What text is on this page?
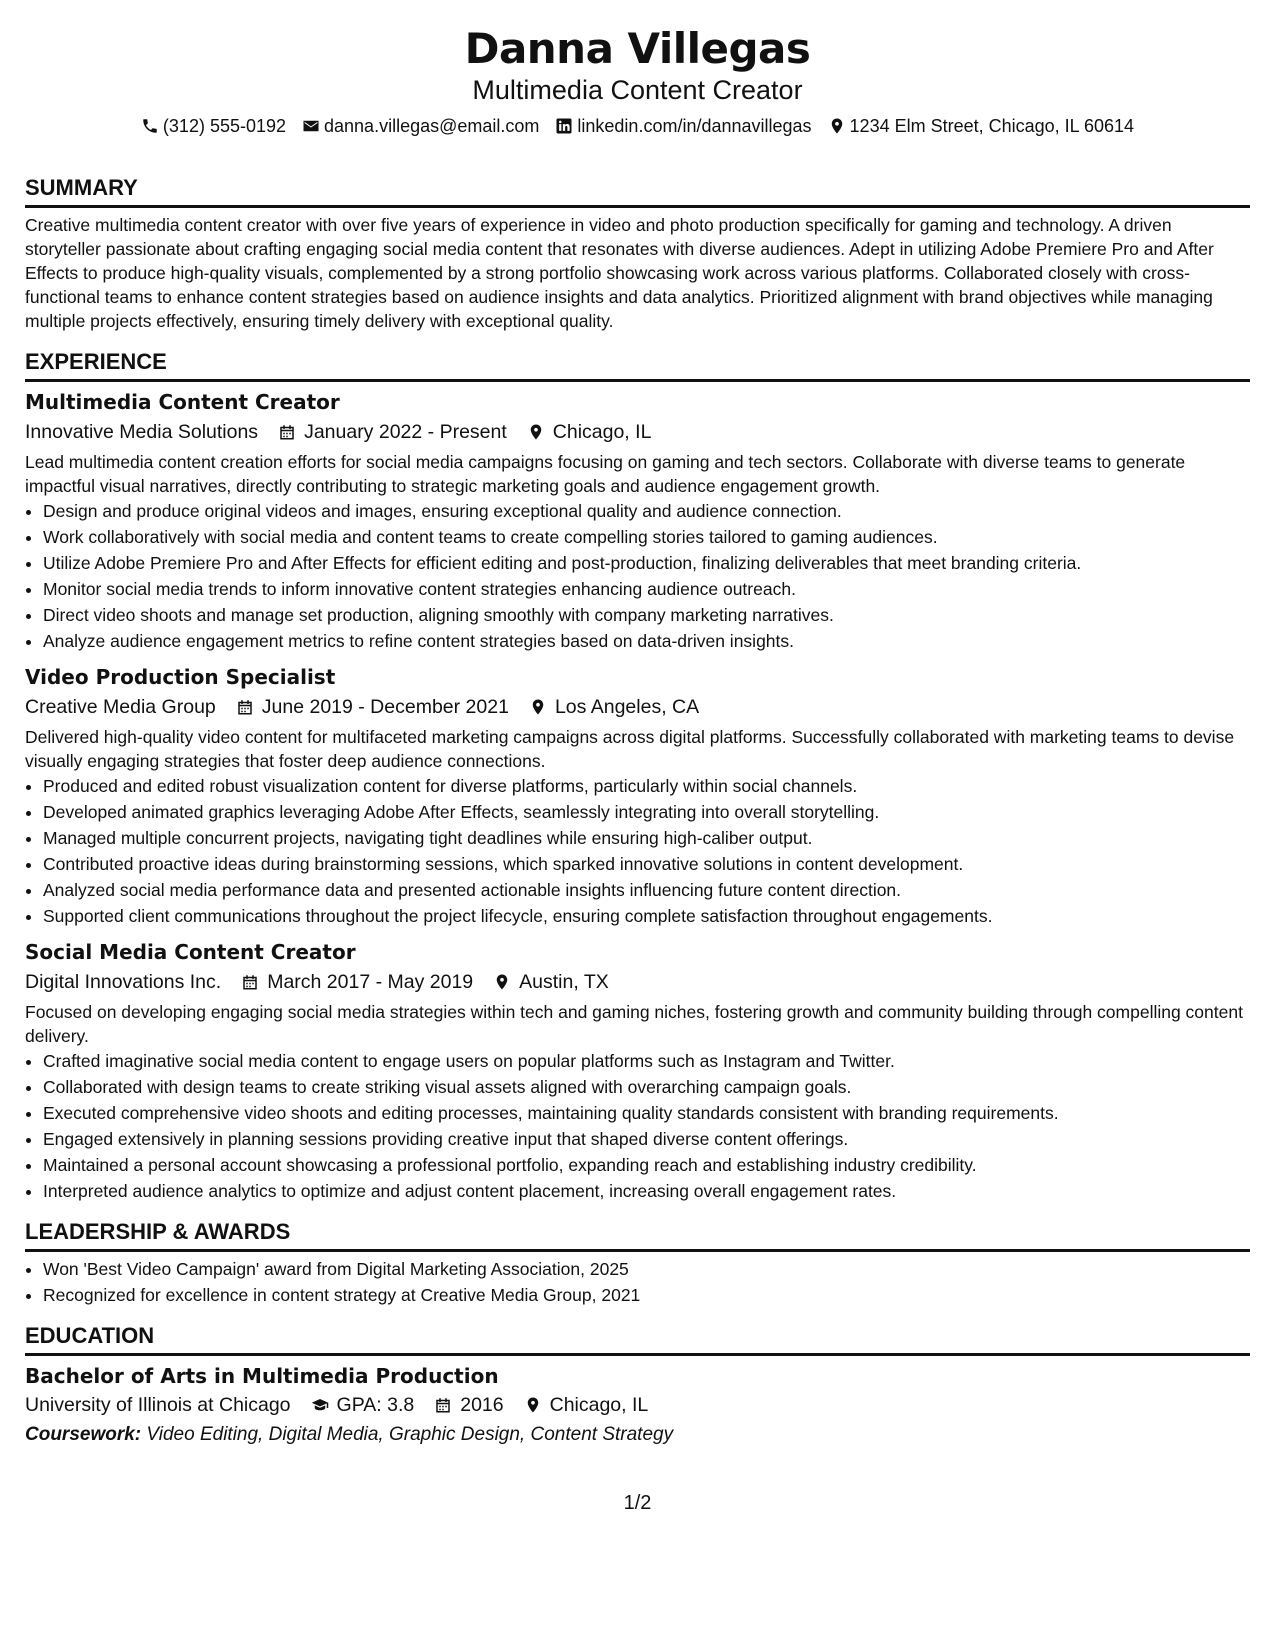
Danna Villegas
Multimedia Content Creator
(312) 555-0192 danna.villegas@email.com linkedin.com/in/dannavillegas 1234 Elm Street, Chicago, IL 60614
SUMMARY
Creative multimedia content creator with over five years of experience in video and photo production specifically for gaming and technology. A driven storyteller passionate about crafting engaging social media content that resonates with diverse audiences. Adept in utilizing Adobe Premiere Pro and After Effects to produce high-quality visuals, complemented by a strong portfolio showcasing work across various platforms. Collaborated closely with cross-functional teams to enhance content strategies based on audience insights and data analytics. Prioritized alignment with brand objectives while managing multiple projects effectively, ensuring timely delivery with exceptional quality.
EXPERIENCE
Multimedia Content Creator
Innovative Media Solutions January 2022 - Present Chicago, IL
Lead multimedia content creation efforts for social media campaigns focusing on gaming and tech sectors. Collaborate with diverse teams to generate impactful visual narratives, directly contributing to strategic marketing goals and audience engagement growth.
• Design and produce original videos and images, ensuring exceptional quality and audience connection.
• Work collaboratively with social media and content teams to create compelling stories tailored to gaming audiences.
• Utilize Adobe Premiere Pro and After Effects for efficient editing and post-production, finalizing deliverables that meet branding criteria.
• Monitor social media trends to inform innovative content strategies enhancing audience outreach.
• Direct video shoots and manage set production, aligning smoothly with company marketing narratives.
• Analyze audience engagement metrics to refine content strategies based on data-driven insights.
Video Production Specialist
Creative Media Group June 2019 - December 2021 Los Angeles, CA
Delivered high-quality video content for multifaceted marketing campaigns across digital platforms. Successfully collaborated with marketing teams to devise visually engaging strategies that foster deep audience connections.
• Produced and edited robust visualization content for diverse platforms, particularly within social channels.
• Developed animated graphics leveraging Adobe After Effects, seamlessly integrating into overall storytelling.
• Managed multiple concurrent projects, navigating tight deadlines while ensuring high-caliber output.
• Contributed proactive ideas during brainstorming sessions, which sparked innovative solutions in content development.
• Analyzed social media performance data and presented actionable insights influencing future content direction.
• Supported client communications throughout the project lifecycle, ensuring complete satisfaction throughout engagements.
Social Media Content Creator
Digital Innovations Inc. March 2017 - May 2019 Austin, TX
Focused on developing engaging social media strategies within tech and gaming niches, fostering growth and community building through compelling content delivery.
• Crafted imaginative social media content to engage users on popular platforms such as Instagram and Twitter.
• Collaborated with design teams to create striking visual assets aligned with overarching campaign goals.
• Executed comprehensive video shoots and editing processes, maintaining quality standards consistent with branding requirements.
• Engaged extensively in planning sessions providing creative input that shaped diverse content offerings.
• Maintained a personal account showcasing a professional portfolio, expanding reach and establishing industry credibility.
• Interpreted audience analytics to optimize and adjust content placement, increasing overall engagement rates.
LEADERSHIP & AWARDS
• Won 'Best Video Campaign' award from Digital Marketing Association, 2025
• Recognized for excellence in content strategy at Creative Media Group, 2021
EDUCATION
Bachelor of Arts in Multimedia Production
University of Illinois at Chicago GPA: 3.8 2016 Chicago, IL
Coursework: Video Editing, Digital Media, Graphic Design, Content Strategy
1/2
